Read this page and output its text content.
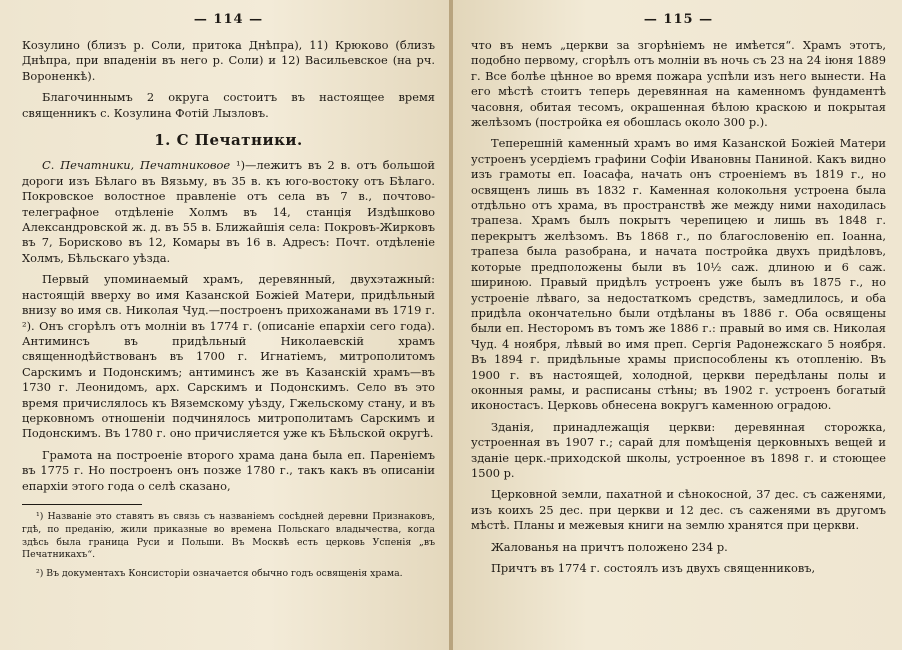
— 114 —

Козулино (близъ р. Соли, притока Днѣпра), 11) Крюково (близъ Днѣпра, при впаденіи въ него р. Соли) и 12) Васильевское (на рч. Вороненкѣ).

Благочиннымъ 2 округа состоитъ въ настоящее время священникъ с. Козулина Фотій Лызловъ.

1. С Печатники.

С. Печатники, Печатниковое ¹)—лежитъ въ 2 в. отъ большой дороги изъ Бѣлаго въ Вязьму, въ 35 в. къ юго-востоку отъ Бѣлаго. Покровское волостное правленіе отъ села въ 7 в., почтово-телеграфное отдѣленіе Холмъ въ 14, станція Издѣшково Александровской ж. д. въ 55 в. Ближайшія села: Покровъ-Жирковъ въ 7, Борисково въ 12, Комары въ 16 в. Адресъ: Почт. отдѣленіе Холмъ, Бѣльскаго уѣзда.

Первый упоминаемый храмъ, деревянный, двухэтажный: настоящій вверху во имя Казанской Божіей Матери, придѣльный внизу во имя св. Николая Чуд.—построенъ прихожанами въ 1719 г. ²). Онъ сгорѣлъ отъ молніи въ 1774 г. (описаніе епархіи сего года). Антиминсъ въ придѣльный Николаевскій храмъ священнодѣйствованъ въ 1700 г. Игнатіемъ, митрополитомъ Сарскимъ и Подонскимъ; антиминсъ же въ Казанскій храмъ—въ 1730 г. Леонидомъ, арх. Сарскимъ и Подонскимъ. Село въ это время причислялось къ Вяземскому уѣзду, Гжельскому стану, и въ церковномъ отношеніи подчинялось митрополитамъ Сарскимъ и Подонскимъ. Въ 1780 г. оно причисляется уже къ Бѣльской округѣ.

Грамота на построеніе второго храма дана была еп. Пареніемъ въ 1775 г. Но построенъ онъ позже 1780 г., такъ какъ въ описаніи епархіи этого года о селѣ сказано,

¹) Названіе это ставятъ въ связь съ названіемъ сосѣдней деревни Признаковъ, гдѣ, по преданію, жили приказные во времена Польскаго владычества, когда здѣсь была граница Руси и Польши. Въ Москвѣ есть церковь Успенія „въ Печатникахъ“.

²) Въ документахъ Консисторіи означается обычно годъ освященія храма.

— 115 —

что въ немъ „церкви за згорѣніемъ не имѣется“. Храмъ этотъ, подобно первому, сгорѣлъ отъ молніи въ ночь съ 23 на 24 іюня 1889 г. Все болѣе цѣнное во время пожара успѣли изъ него вынести. На его мѣстѣ стоитъ теперь деревянная на каменномъ фундаментѣ часовня, обитая тесомъ, окрашенная бѣлою краскою и покрытая желѣзомъ (постройка ея обошлась около 300 р.).

Теперешній каменный храмъ во имя Казанской Божіей Матери устроенъ усердіемъ графини Софіи Ивановны Паниной. Какъ видно изъ грамоты еп. Іоасафа, начать онъ строеніемъ въ 1819 г., но освященъ лишь въ 1832 г. Каменная колокольня устроена была отдѣльно отъ храма, въ пространствѣ же между ними находилась трапеза. Храмъ былъ покрытъ черепицею и лишь въ 1848 г. перекрытъ желѣзомъ. Въ 1868 г., по благословенію еп. Іоанна, трапеза была разобрана, и начата постройка двухъ придѣловъ, которые предположены были въ 10½ саж. длиною и 6 саж. шириною. Правый придѣлъ устроенъ уже былъ въ 1875 г., но устроеніе лѣваго, за недостаткомъ средствъ, замедлилось, и оба придѣла окончательно были отдѣланы въ 1886 г. Оба освящены были еп. Несторомъ въ томъ же 1886 г.: правый во имя св. Николая Чуд. 4 ноября, лѣвый во имя преп. Сергія Радонежскаго 5 ноября. Въ 1894 г. придѣльные храмы приспособлены къ отопленію. Въ 1900 г. въ настоящей, холодной, церкви передѣланы полы и оконныя рамы, и расписаны стѣны; въ 1902 г. устроенъ богатый иконостасъ. Церковь обнесена вокругъ каменною оградою.

Зданія, принадлежащія церкви: деревянная сторожка, устроенная въ 1907 г.; сарай для помѣщенія церковныхъ вещей и зданіе церк.-приходской школы, устроенное въ 1898 г. и стоющее 1500 р.

Церковной земли, пахатной и сѣнокосной, 37 дес. съ саженями, изъ коихъ 25 дес. при церкви и 12 дес. съ саженями въ другомъ мѣстѣ. Планы и межевыя книги на землю хранятся при церкви.

Жалованья на причтъ положено 234 р.

Причтъ въ 1774 г. состоялъ изъ двухъ священниковъ,
